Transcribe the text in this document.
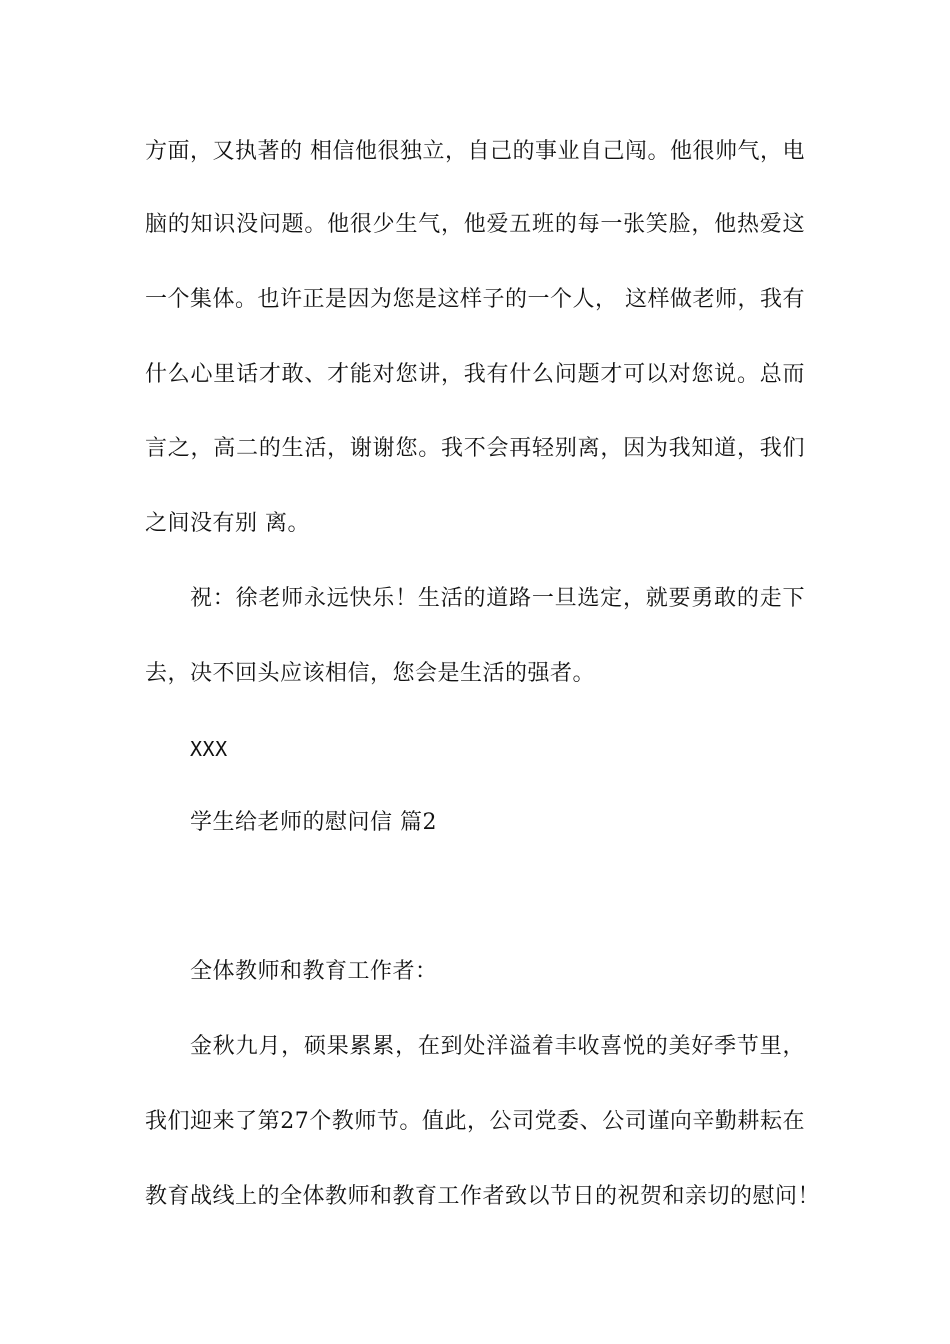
方面，又执著的 相信他很独立，自己的事业自己闯。他很帅气，电
脑的知识没问题。他很少生气，他爱五班的每一张笑脸，他热爱这
一个集体。也许正是因为您是这样子的一个人， 这样做老师，我有
什么心里话才敢、才能对您讲，我有什么问题才可以对您说。总而
言之，高二的生活，谢谢您。我不会再轻别离，因为我知道，我们
之间没有别 离。
祝：徐老师永远快乐！生活的道路一旦选定，就要勇敢的走下
去，决不回头应该相信，您会是生活的强者。
XXX
学生给老师的慰问信 篇2
全体教师和教育工作者：
金秋九月，硕果累累，在到处洋溢着丰收喜悦的美好季节里，
我们迎来了第27个教师节。值此，公司党委、公司谨向辛勤耕耘在
教育战线上的全体教师和教育工作者致以节日的祝贺和亲切的慰问！
